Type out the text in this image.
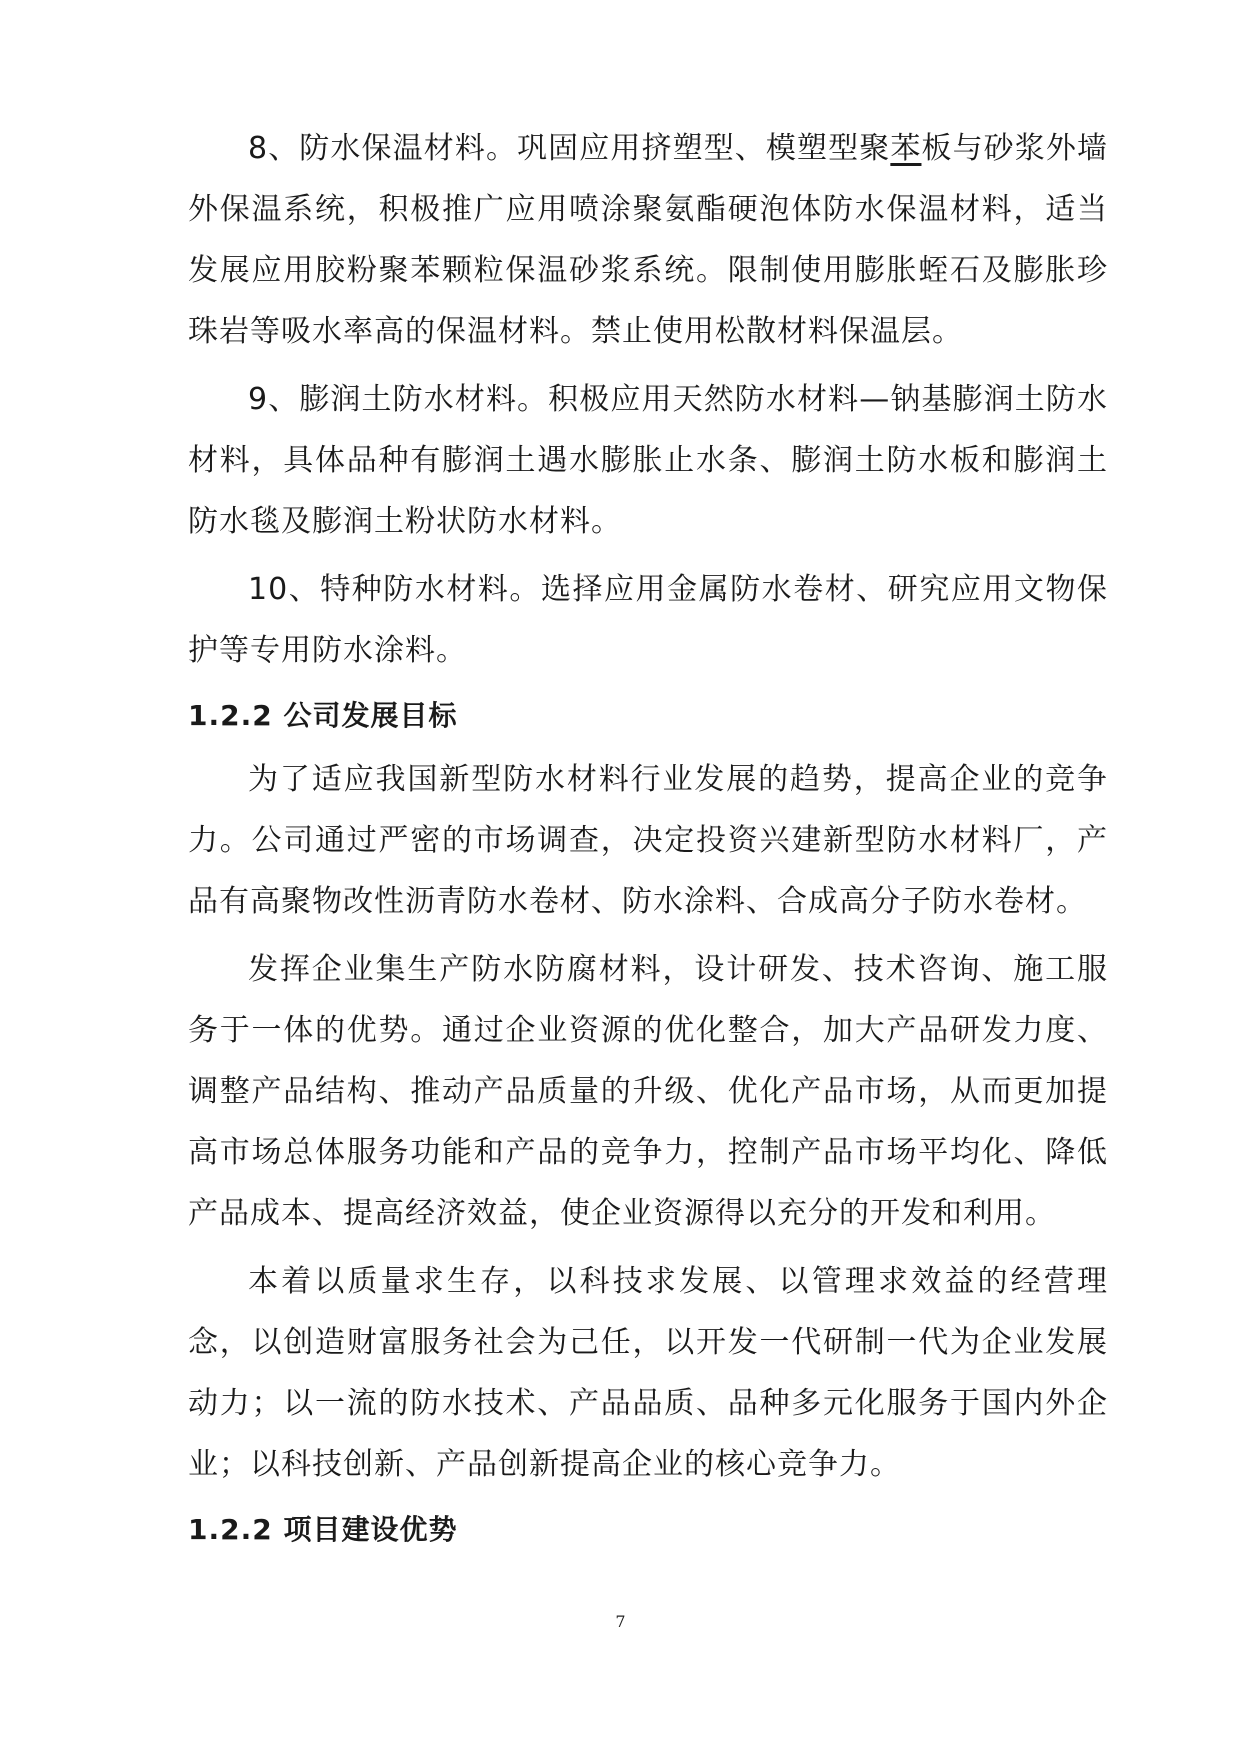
8、防水保温材料。巩固应用挤塑型、模塑型聚苯板与砂浆外墙外保温系统，积极推广应用喷涂聚氨酯硬泡体防水保温材料，适当发展应用胶粉聚苯颗粒保温砂浆系统。限制使用膨胀蛭石及膨胀珍珠岩等吸水率高的保温材料。禁止使用松散材料保温层。

9、膨润土防水材料。积极应用天然防水材料—钠基膨润土防水材料，具体品种有膨润土遇水膨胀止水条、膨润土防水板和膨润土防水毯及膨润土粉状防水材料。

10、特种防水材料。选择应用金属防水卷材、研究应用文物保护等专用防水涂料。

1.2.2 公司发展目标

为了适应我国新型防水材料行业发展的趋势，提高企业的竞争力。公司通过严密的市场调查，决定投资兴建新型防水材料厂，产品有高聚物改性沥青防水卷材、防水涂料、合成高分子防水卷材。

发挥企业集生产防水防腐材料，设计研发、技术咨询、施工服务于一体的优势。通过企业资源的优化整合，加大产品研发力度、调整产品结构、推动产品质量的升级、优化产品市场，从而更加提高市场总体服务功能和产品的竞争力，控制产品市场平均化、降低产品成本、提高经济效益，使企业资源得以充分的开发和利用。

本着以质量求生存，以科技求发展、以管理求效益的经营理念，以创造财富服务社会为己任，以开发一代研制一代为企业发展动力；以一流的防水技术、产品品质、品种多元化服务于国内外企业；以科技创新、产品创新提高企业的核心竞争力。

1.2.2 项目建设优势
7
